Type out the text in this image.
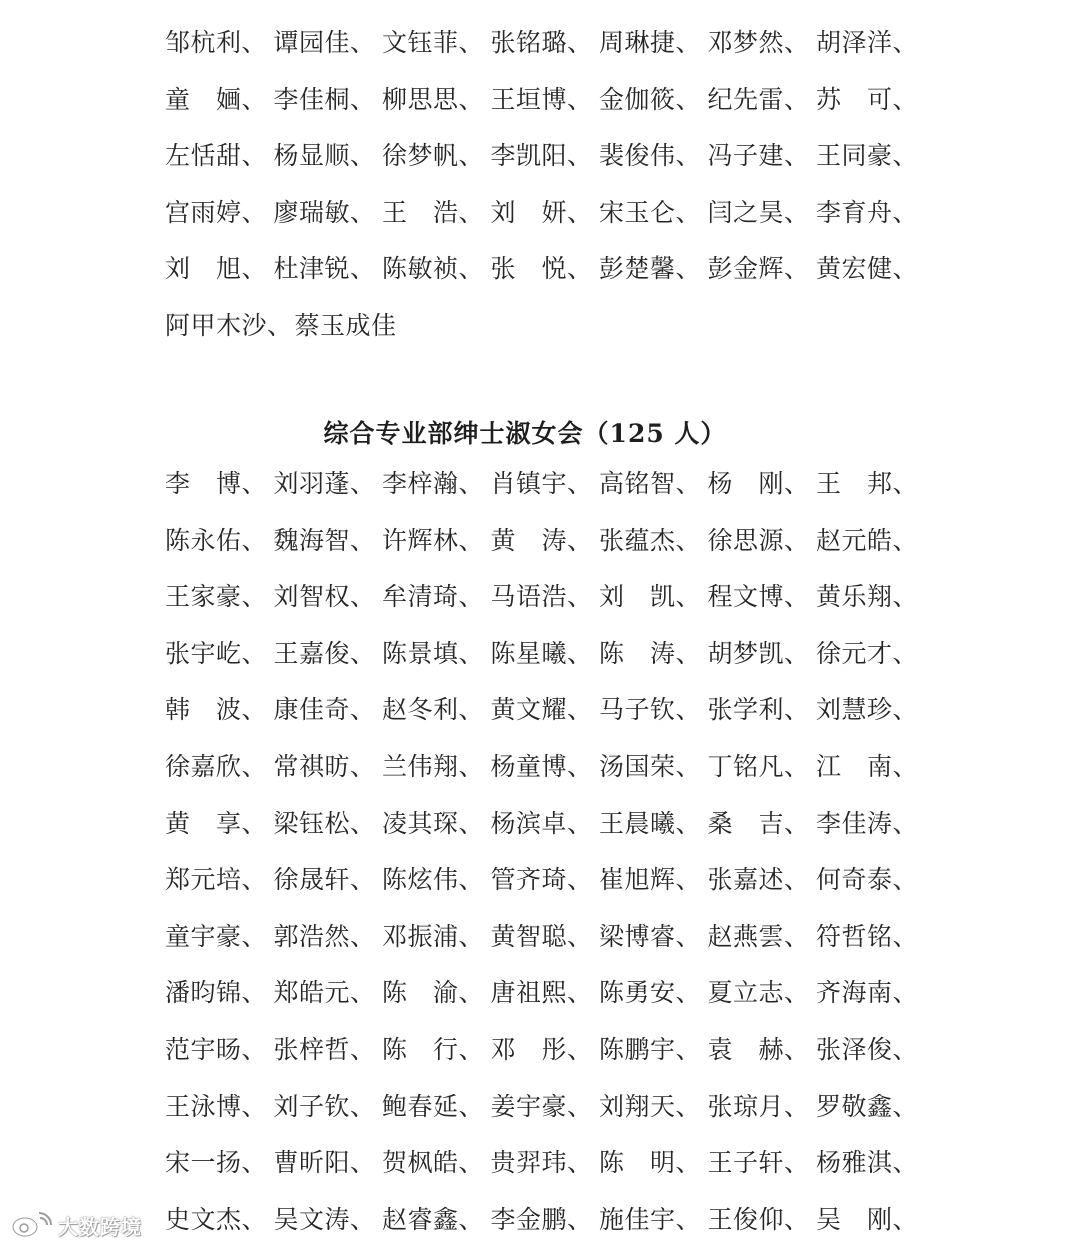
邹杭利、 谭园佳、 文钰菲、 张铭璐、 周琳捷、 邓梦然、 胡泽洋、
童　婳、 李佳桐、 柳思思、 王垣博、 金伽筱、 纪先雷、 苏　可、
左恬甜、 杨显顺、 徐梦帆、 李凯阳、 裴俊伟、 冯子建、 王同豪、
宫雨婷、 廖瑞敏、 王　浩、 刘　妍、 宋玉仑、 闫之昊、 李育舟、
刘　旭、 杜津锐、 陈敏祯、 张　悦、 彭楚馨、 彭金辉、 黄宏健、
阿甲木沙、 蔡玉成佳
综合专业部绅士淑女会（125 人）
李　博、 刘羽蓬、 李梓瀚、 肖镇宇、 高铭智、 杨　刚、 王　邦、
陈永佑、 魏海智、 许辉林、 黄　涛、 张蕴杰、 徐思源、 赵元皓、
王家豪、 刘智权、 牟清琦、 马语浩、 刘　凯、 程文博、 黄乐翔、
张宇屹、 王嘉俊、 陈景填、 陈星曦、 陈　涛、 胡梦凯、 徐元才、
韩　波、 康佳奇、 赵冬利、 黄文耀、 马子钦、 张学利、 刘慧珍、
徐嘉欣、 常祺昉、 兰伟翔、 杨童博、 汤国荣、 丁铭凡、 江　南、
黄　享、 梁钰松、 凌其琛、 杨滨卓、 王晨曦、 桑　吉、 李佳涛、
郑元培、 徐晟轩、 陈炫伟、 管齐琦、 崔旭辉、 张嘉述、 何奇泰、
童宇豪、 郭浩然、 邓振浦、 黄智聪、 梁博睿、 赵燕雲、 符哲铭、
潘昀锦、 郑皓元、 陈　渝、 唐祖熙、 陈勇安、 夏立志、 齐海南、
范宇旸、 张梓哲、 陈　行、 邓　彤、 陈鹏宇、 袁　赫、 张泽俊、
王泳博、 刘子钦、 鲍春延、 姜宇豪、 刘翔天、 张琼月、 罗敬鑫、
宋一扬、 曹昕阳、 贺枫皓、 贵羿玮、 陈　明、 王子轩、 杨雅淇、
史文杰、 吴文涛、 赵睿鑫、 李金鹏、 施佳宇、 王俊仰、 吴　刚、
大数跨境
